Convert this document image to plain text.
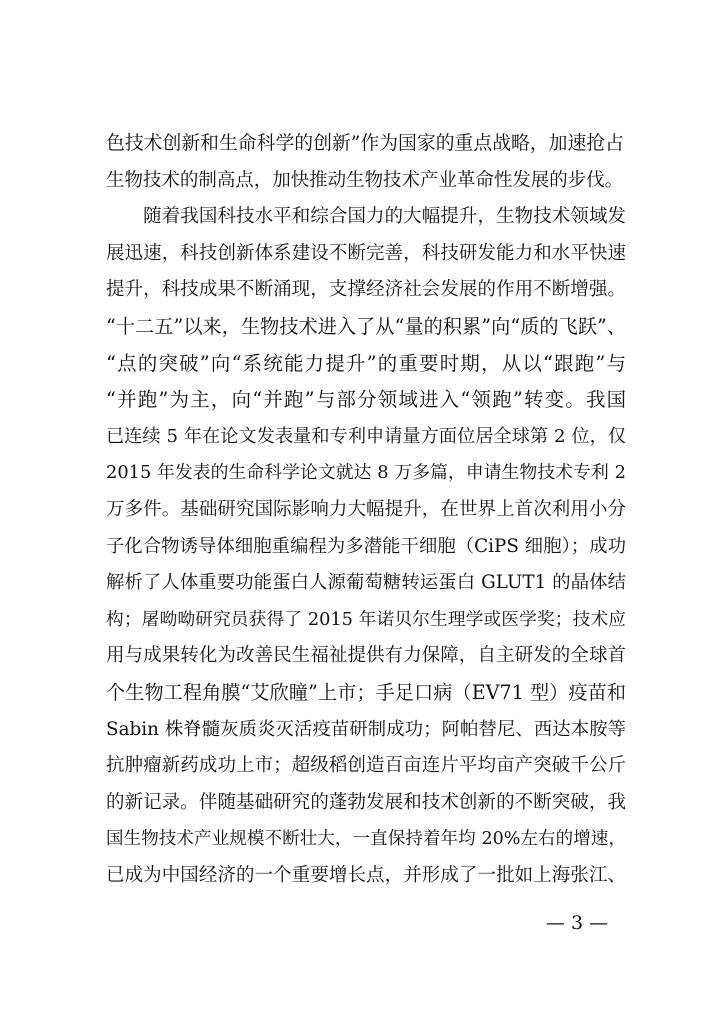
色技术创新和生命科学的创新”作为国家的重点战略，加速抢占
生物技术的制高点，加快推动生物技术产业革命性发展的步伐。
　　随着我国科技水平和综合国力的大幅提升，生物技术领域发
展迅速，科技创新体系建设不断完善，科技研发能力和水平快速
提升，科技成果不断涌现，支撑经济社会发展的作用不断增强。
“十二五”以来，生物技术进入了从“量的积累”向“质的飞跃”、
“点的突破”向“系统能力提升”的重要时期，从以“跟跑”与
“并跑”为主，向“并跑”与部分领域进入“领跑”转变。我国
已连续 5 年在论文发表量和专利申请量方面位居全球第 2 位，仅
2015 年发表的生命科学论文就达 8 万多篇，申请生物技术专利 2
万多件。基础研究国际影响力大幅提升，在世界上首次利用小分
子化合物诱导体细胞重编程为多潜能干细胞（CiPS 细胞）；成功
解析了人体重要功能蛋白人源葡萄糖转运蛋白 GLUT1 的晶体结
构；屠呦呦研究员获得了 2015 年诺贝尔生理学或医学奖；技术应
用与成果转化为改善民生福祉提供有力保障，自主研发的全球首
个生物工程角膜“艾欣瞳”上市；手足口病（EV71 型）疫苗和
Sabin 株脊髓灰质炎灭活疫苗研制成功；阿帕替尼、西达本胺等
抗肿瘤新药成功上市；超级稻创造百亩连片平均亩产突破千公斤
的新记录。伴随基础研究的蓬勃发展和技术创新的不断突破，我
国生物技术产业规模不断壮大，一直保持着年均 20%左右的增速，
已成为中国经济的一个重要增长点，并形成了一批如上海张江、
— 3 —
